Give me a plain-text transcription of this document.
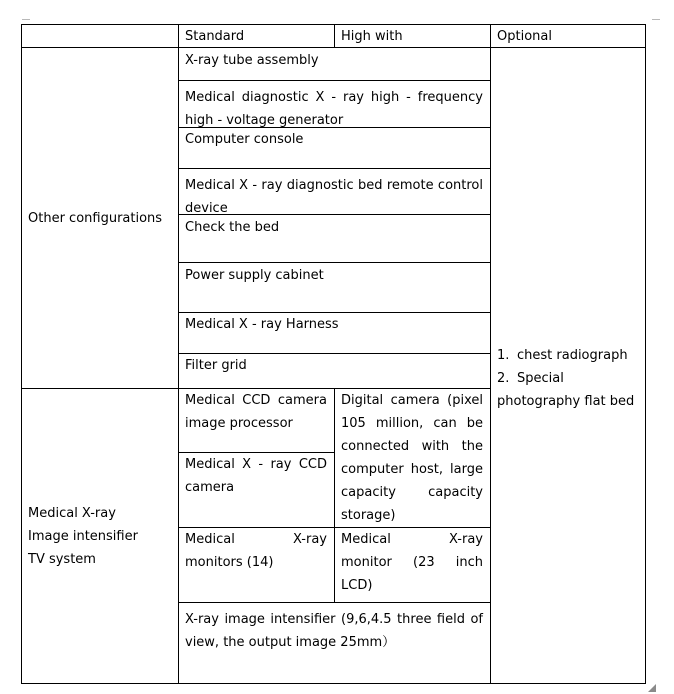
Standard	High with	Optional
Other configurations
X-ray tube assembly
Medical diagnostic X - ray high - frequency high - voltage generator
Computer console
Medical X - ray diagnostic bed remote control device
Check the bed
Power supply cabinet
Medical X - ray Harness
Filter grid
Medical X-ray
Image intensifier
TV system
Medical CCD camera image processor
Medical X - ray CCD camera
Digital camera (pixel 105 million, can be connected with the computer host, large capacity capacity storage)
Medical X-ray monitors (14)
Medical X-ray monitor (23 inch LCD)
X-ray image intensifier (9,6,4.5 three field of view, the output image 25mm）
1. chest radiograph
2. Special
photography flat bed
